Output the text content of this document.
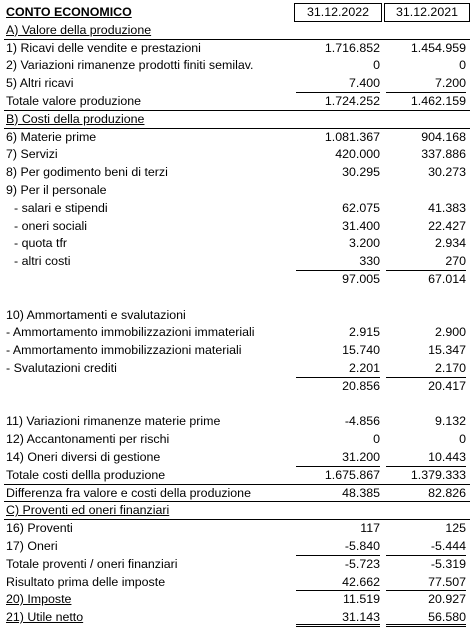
CONTO ECONOMICO	31.12.2022	31.12.2021
A) Valore della produzione
1) Ricavi delle vendite e prestazioni	1.716.852	1.454.959
2) Variazioni rimanenze prodotti finiti semilav.	0	0
5) Altri ricavi	7.400	7.200
Totale valore produzione	1.724.252	1.462.159
B) Costi della produzione
6) Materie prime	1.081.367	904.168
7) Servizi	420.000	337.886
8) Per godimento beni di terzi	30.295	30.273
9) Per il personale
- salari e stipendi	62.075	41.383
- oneri sociali	31.400	22.427
- quota tfr	3.200	2.934
- altri costi	330	270
97.005	67.014
10) Ammortamenti e svalutazioni
- Ammortamento immobilizzazioni immateriali	2.915	2.900
- Ammortamento immobilizzazioni materiali	15.740	15.347
- Svalutazioni crediti	2.201	2.170
20.856	20.417
11) Variazioni rimanenze materie prime	-4.856	9.132
12) Accantonamenti per rischi	0	0
14) Oneri diversi di gestione	31.200	10.443
Totale costi dellla produzione	1.675.867	1.379.333
Differenza fra valore e costi della produzione	48.385	82.826
C) Proventi ed oneri finanziari
16) Proventi	117	125
17) Oneri	-5.840	-5.444
Totale proventi / oneri finanziari	-5.723	-5.319
Risultato prima delle imposte	42.662	77.507
20) Imposte	11.519	20.927
21) Utile netto	31.143	56.580
